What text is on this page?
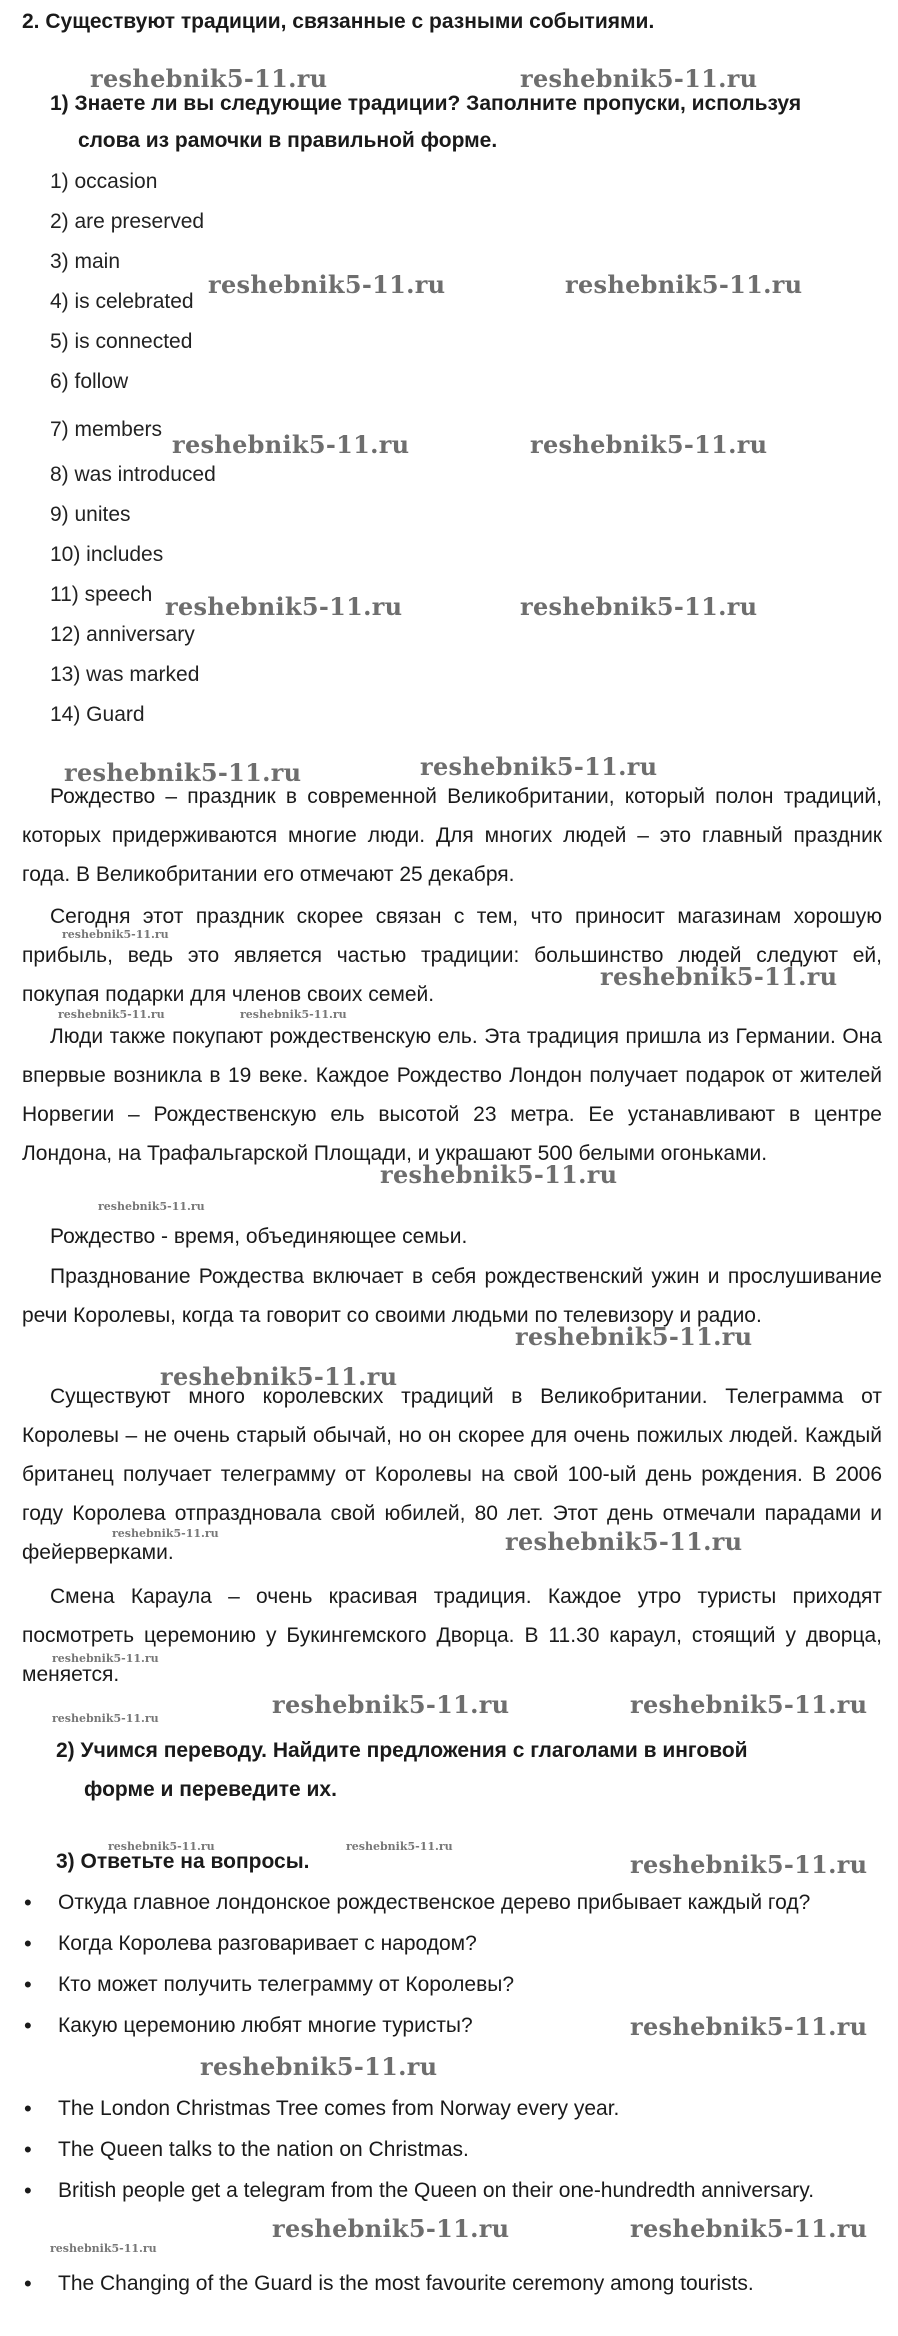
2. Существуют традиции, связанные с разными событиями.
1) Знаете ли вы следующие традиции? Заполните пропуски, используя
слова из рамочки в правильной форме.
1) occasion
2) are preserved
3) main
4) is celebrated
5) is connected
6) follow
7) members
8) was introduced
9) unites
10) includes
11) speech
12) anniversary
13) was marked
14) Guard
Рождество – праздник в современной Великобритании, который полон традиций, которых придерживаются многие люди. Для многих людей – это главный праздник года. В Великобритании его отмечают 25 декабря.
Сегодня этот праздник скорее связан с тем, что приносит магазинам хорошую прибыль, ведь это является частью традиции: большинство людей следуют ей, покупая подарки для членов своих семей.
Люди также покупают рождественскую ель. Эта традиция пришла из Германии. Она впервые возникла в 19 веке. Каждое Рождество Лондон получает подарок от жителей Норвегии – Рождественскую ель высотой 23 метра. Ее устанавливают в центре Лондона, на Трафальгарской Площади, и украшают 500 белыми огоньками.
Рождество - время, объединяющее семьи.
Празднование Рождества включает в себя рождественский ужин и прослушивание речи Королевы, когда та говорит со своими людьми по телевизору и радио.
Существуют много королевских традиций в Великобритании. Телеграмма от Королевы – не очень старый обычай, но он скорее для очень пожилых людей. Каждый британец получает телеграмму от Королевы на свой 100-ый день рождения. В 2006 году Королева отпраздновала свой юбилей, 80 лет. Этот день отмечали парадами и фейерверками.
Смена Караула – очень красивая традиция. Каждое утро туристы приходят посмотреть церемонию у Букингемского Дворца. В 11.30 караул, стоящий у дворца, меняется.
2) Учимся переводу. Найдите предложения с глаголами в инговой
форме и переведите их.
3) Ответьте на вопросы.
• Откуда главное лондонское рождественское дерево прибывает каждый год?
• Когда Королева разговаривает с народом?
• Кто может получить телеграмму от Королевы?
• Какую церемонию любят многие туристы?
• The London Christmas Tree comes from Norway every year.
• The Queen talks to the nation on Christmas.
• British people get a telegram from the Queen on their one-hundredth anniversary.
• The Changing of the Guard is the most favourite ceremony among tourists.
reshebnik5-11.ru	reshebnik5-11.ru
reshebnik5-11.ru	reshebnik5-11.ru
reshebnik5-11.ru	reshebnik5-11.ru
reshebnik5-11.ru	reshebnik5-11.ru
reshebnik5-11.ru	reshebnik5-11.ru
reshebnik5-11.ru
reshebnik5-11.ru
reshebnik5-11.ru
reshebnik5-11.ru
reshebnik5-11.ru
reshebnik5-11.ru	reshebnik5-11.ru
reshebnik5-11.ru
reshebnik5-11.ru
reshebnik5-11.ru
reshebnik5-11.ru	reshebnik5-11.ru
reshebnik5-11.ru
reshebnik5-11.ru	reshebnik5-11.ru
reshebnik5-11.ru
reshebnik5-11.ru
reshebnik5-11.ru
reshebnik5-11.ru
reshebnik5-11.ru	reshebnik5-11.ru
reshebnik5-11.ru
